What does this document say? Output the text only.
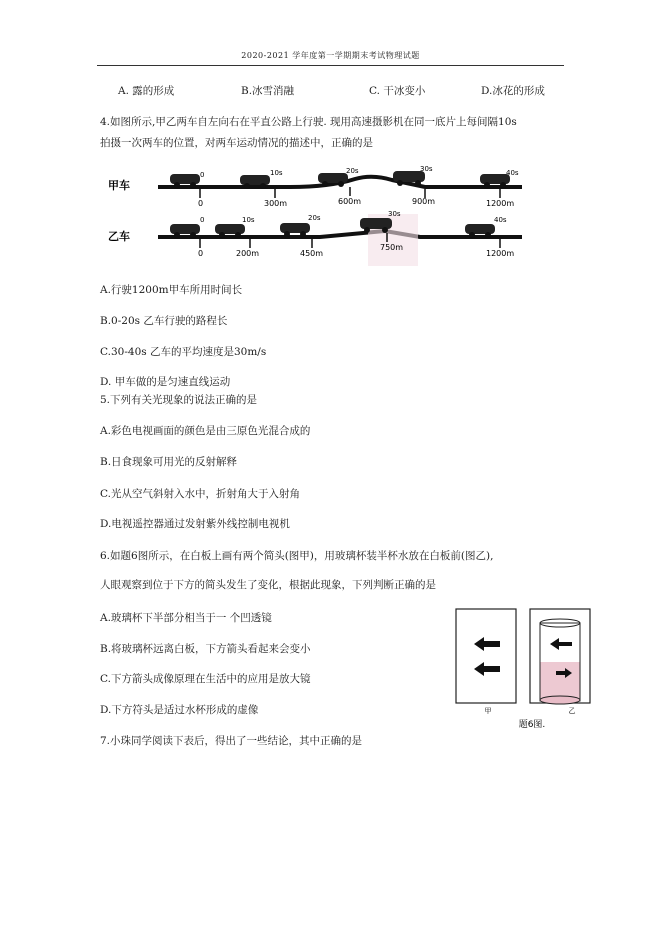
2020-2021 学年度第一学期期末考试物理试题
A. 露的形成	B.冰雪消融	C. 干冰变小	D.冰花的形成
4.如图所示,甲乙两车自左向右在平直公路上行驶. 现用高速摄影机在同一底片上每间隔10s
拍摄一次两车的位置，对两车运动情况的描述中，正确的是
甲车
0	10s	20s	30s	40s
0	300m	600m	900m	1200m
乙车
0	10s	20s	30s
40s
0	200m	450m
750m
1200m
A.行驶1200m甲车所用时间长
B.0-20s 乙车行驶的路程长
C.30-40s 乙车的平均速度是30m/s
D. 甲车做的是匀速直线运动
5.下列有关光现象的说法正确的是
A.彩色电视画面的颜色是由三原色光混合成的
B.日食现象可用光的反射解释
C.光从空气斜射入水中，折射角大于入射角
D.电视遥控器通过发射紫外线控制电视机
6.如题6图所示，在白板上画有两个简头(图甲)，用玻璃杯装半杯水放在白板前(图乙),
人眼观察到位于下方的简头发生了变化，根据此现象，下列判断正确的是
A.玻璃杯下半部分相当于一 个凹透镜
B.将玻璃杯远离白板，下方箭头看起来会变小
C.下方箭头成像原理在生活中的应用是放大镜
D.下方符头是适过水杯形成的虚像	甲	乙
题6图.
7.小珠同学阅读下表后，得出了一些结论，其中正确的是
